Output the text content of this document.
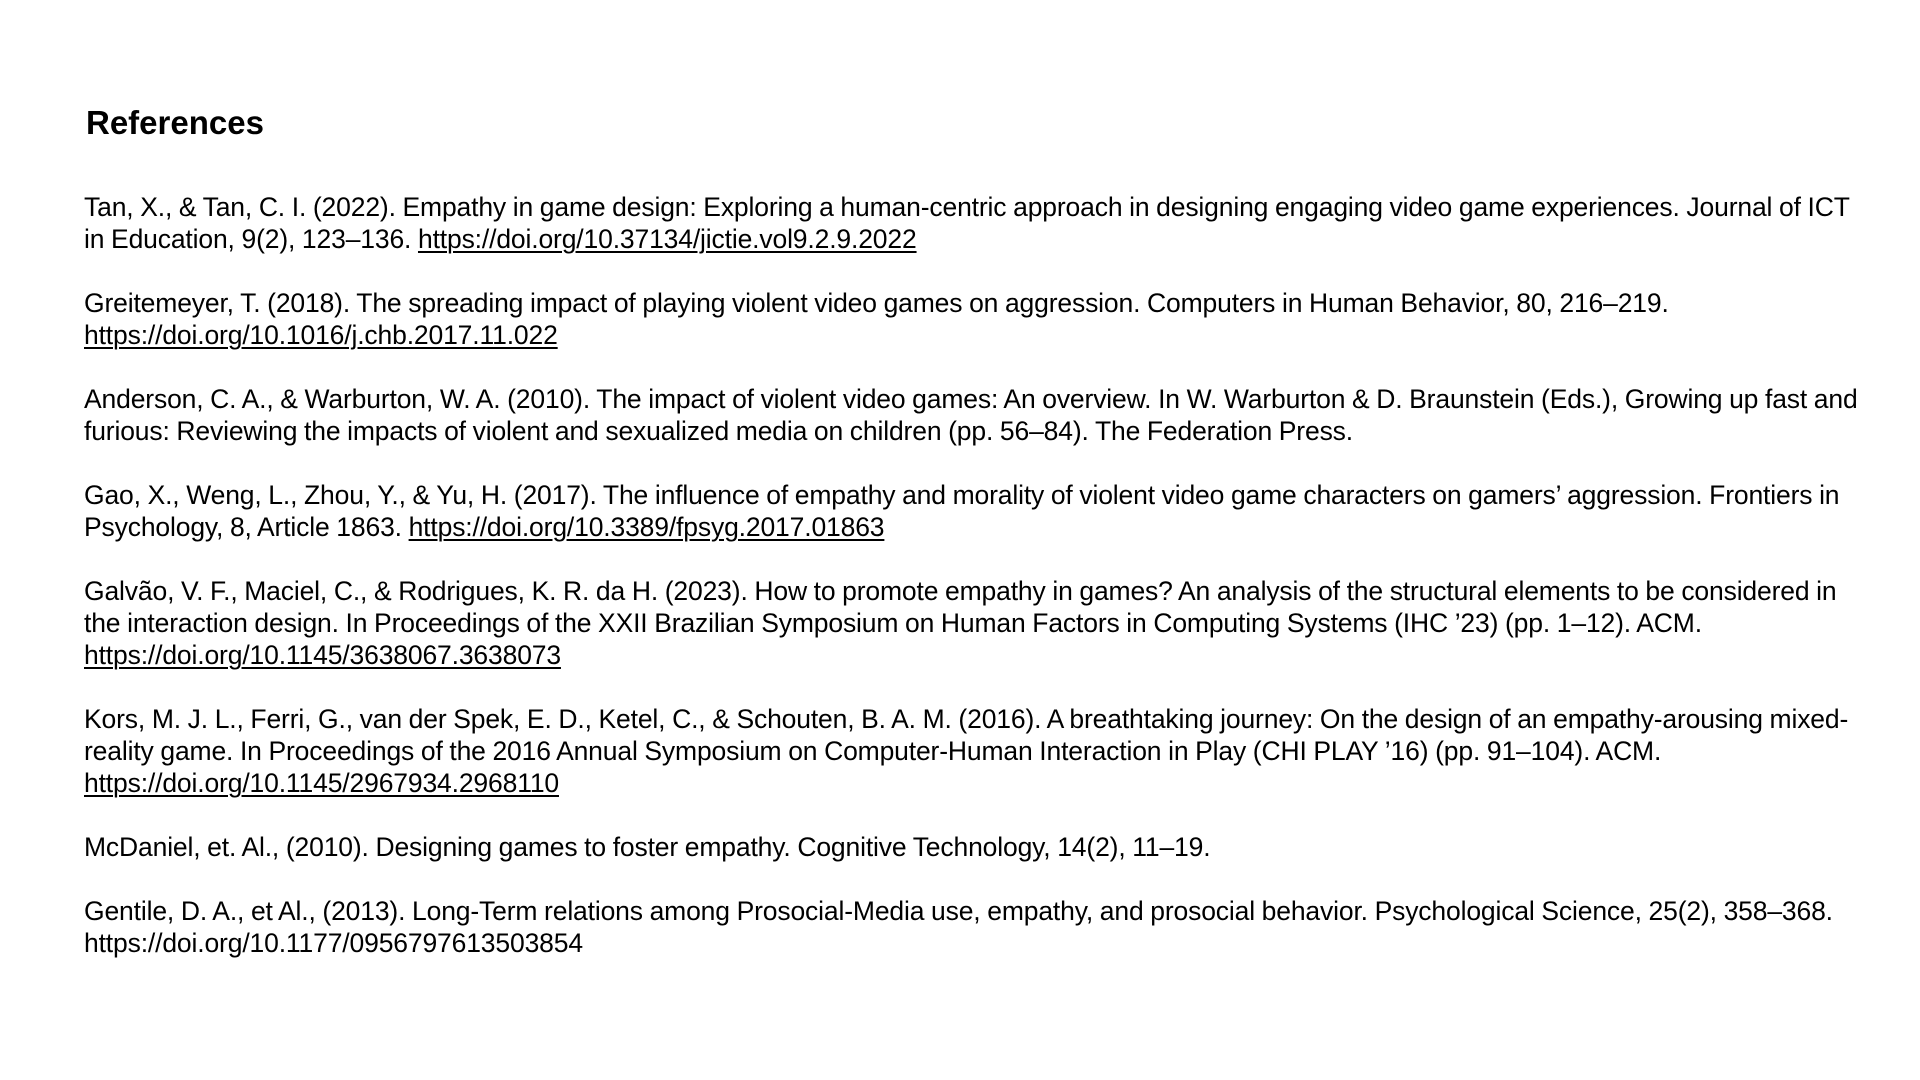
References
Tan, X., & Tan, C. I. (2022). Empathy in game design: Exploring a human-centric approach in designing engaging video game experiences. Journal of ICT in Education, 9(2), 123–136. https://doi.org/10.37134/jictie.vol9.2.9.2022
Greitemeyer, T. (2018). The spreading impact of playing violent video games on aggression. Computers in Human Behavior, 80, 216–219.
https://doi.org/10.1016/j.chb.2017.11.022
Anderson, C. A., & Warburton, W. A. (2010). The impact of violent video games: An overview. In W. Warburton & D. Braunstein (Eds.), Growing up fast and furious: Reviewing the impacts of violent and sexualized media on children (pp. 56–84). The Federation Press.
Gao, X., Weng, L., Zhou, Y., & Yu, H. (2017). The influence of empathy and morality of violent video game characters on gamers’ aggression. Frontiers in Psychology, 8, Article 1863. https://doi.org/10.3389/fpsyg.2017.01863
Galvão, V. F., Maciel, C., & Rodrigues, K. R. da H. (2023). How to promote empathy in games? An analysis of the structural elements to be considered in the interaction design. In Proceedings of the XXII Brazilian Symposium on Human Factors in Computing Systems (IHC ’23) (pp. 1–12). ACM. https://doi.org/10.1145/3638067.3638073
Kors, M. J. L., Ferri, G., van der Spek, E. D., Ketel, C., & Schouten, B. A. M. (2016). A breathtaking journey: On the design of an empathy-arousing mixed-reality game. In Proceedings of the 2016 Annual Symposium on Computer-Human Interaction in Play (CHI PLAY ’16) (pp. 91–104). ACM.
https://doi.org/10.1145/2967934.2968110
McDaniel, et. Al., (2010). Designing games to foster empathy. Cognitive Technology, 14(2), 11–19.
Gentile, D. A., et Al., (2013). Long-Term relations among Prosocial-Media use, empathy, and prosocial behavior. Psychological Science, 25(2), 358–368. https://doi.org/10.1177/0956797613503854
